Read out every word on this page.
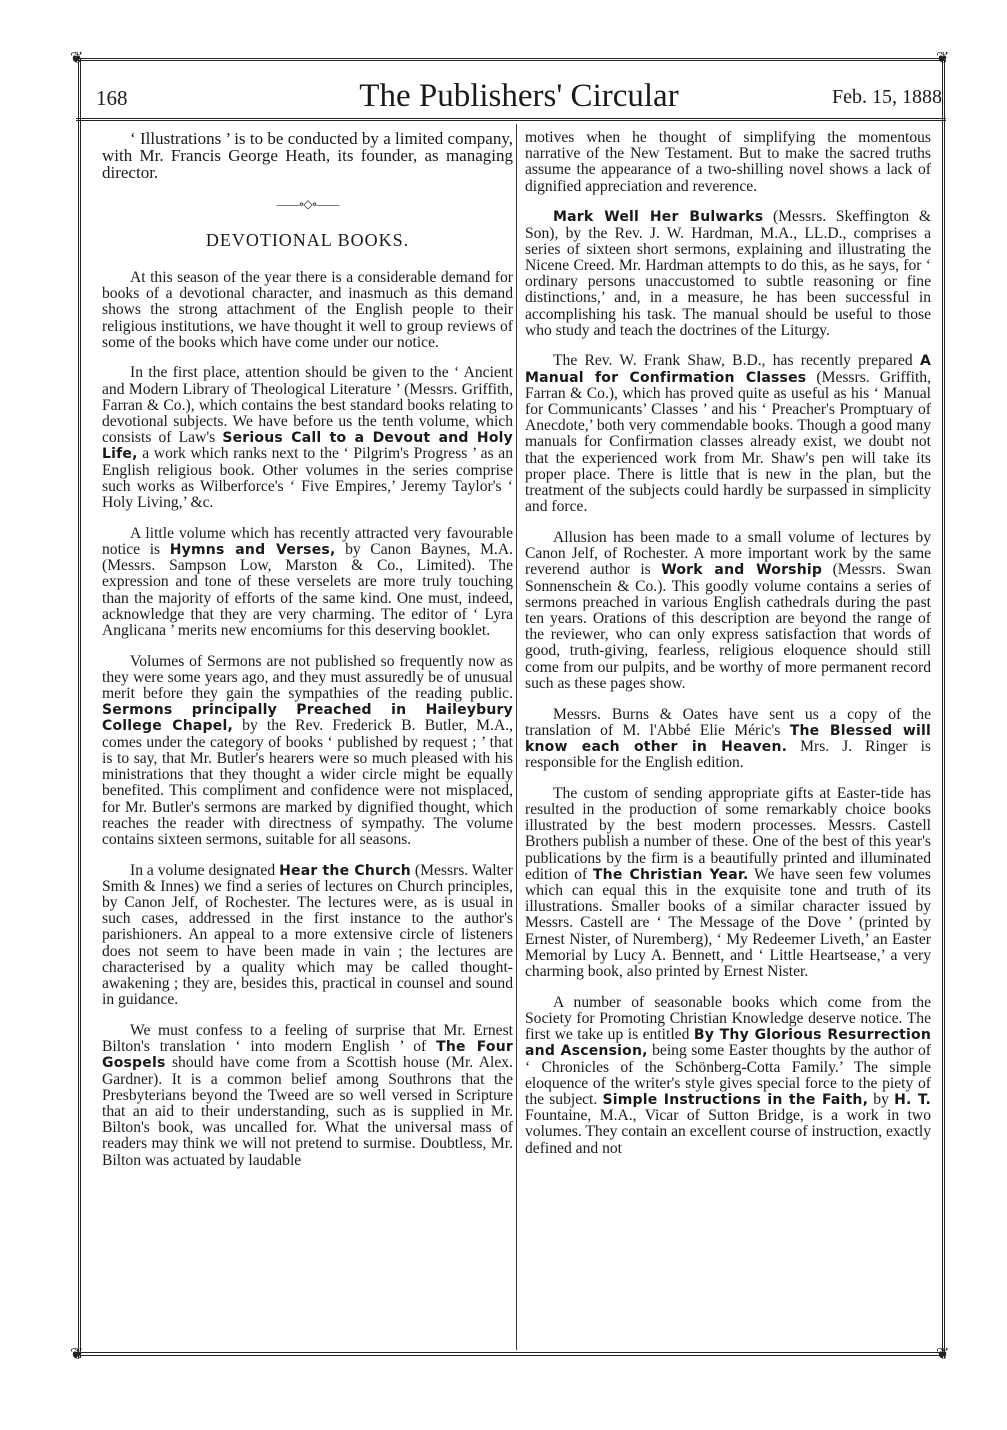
❦	❦
❦	❦
168	The Publishers' Circular	Feb. 15, 1888

‘ Illustrations ’ is to be conducted by a limited company, with Mr. Francis George Heath, its founder, as managing director.

——∘◇∘——
DEVOTIONAL BOOKS.

At this season of the year there is a considerable demand for books of a devotional character, and inasmuch as this demand shows the strong attachment of the English people to their religious institutions, we have thought it well to group reviews of some of the books which have come under our notice.

In the first place, attention should be given to the ‘ Ancient and Modern Library of Theological Literature ’ (Messrs. Griffith, Farran & Co.), which contains the best standard books relating to devotional subjects. We have before us the tenth volume, which consists of Law's Serious Call to a Devout and Holy Life, a work which ranks next to the ‘ Pilgrim's Progress ’ as an English religious book. Other volumes in the series comprise such works as Wilberforce's ‘ Five Empires,’ Jeremy Taylor's ‘ Holy Living,’ &c.

A little volume which has recently attracted very favourable notice is Hymns and Verses, by Canon Baynes, M.A. (Messrs. Sampson Low, Marston & Co., Limited). The expression and tone of these verselets are more truly touching than the majority of efforts of the same kind. One must, indeed, acknowledge that they are very charming. The editor of ‘ Lyra Anglicana ’ merits new encomiums for this deserving booklet.

Volumes of Sermons are not published so frequently now as they were some years ago, and they must assuredly be of unusual merit before they gain the sympathies of the reading public. Sermons principally Preached in Haileybury College Chapel, by the Rev. Frederick B. Butler, M.A., comes under the category of books ‘ published by request ; ’ that is to say, that Mr. Butler's hearers were so much pleased with his ministrations that they thought a wider circle might be equally benefited. This compliment and confidence were not misplaced, for Mr. Butler's sermons are marked by dignified thought, which reaches the reader with directness of sympathy. The volume contains sixteen sermons, suitable for all seasons.

In a volume designated Hear the Church (Messrs. Walter Smith & Innes) we find a series of lectures on Church principles, by Canon Jelf, of Rochester. The lectures were, as is usual in such cases, addressed in the first instance to the author's parishioners. An appeal to a more extensive circle of listeners does not seem to have been made in vain ; the lectures are characterised by a quality which may be called thought-awakening ; they are, besides this, practical in counsel and sound in guidance.

We must confess to a feeling of surprise that Mr. Ernest Bilton's translation ‘ into modern English ’ of The Four Gospels should have come from a Scottish house (Mr. Alex. Gardner). It is a common belief among Southrons that the Presbyterians beyond the Tweed are so well versed in Scripture that an aid to their understanding, such as is supplied in Mr. Bilton's book, was uncalled for. What the universal mass of readers may think we will not pretend to surmise. Doubtless, Mr. Bilton was actuated by laudable

motives when he thought of simplifying the momentous narrative of the New Testament. But to make the sacred truths assume the appearance of a two-shilling novel shows a lack of dignified appreciation and reverence.

Mark Well Her Bulwarks (Messrs. Skeffington & Son), by the Rev. J. W. Hardman, M.A., LL.D., comprises a series of sixteen short sermons, explaining and illustrating the Nicene Creed. Mr. Hardman attempts to do this, as he says, for ‘ ordinary persons unaccustomed to subtle reasoning or fine distinctions,’ and, in a measure, he has been successful in accomplishing his task. The manual should be useful to those who study and teach the doctrines of the Liturgy.

The Rev. W. Frank Shaw, B.D., has recently prepared A Manual for Confirmation Classes (Messrs. Griffith, Farran & Co.), which has proved quite as useful as his ‘ Manual for Communicants’ Classes ’ and his ‘ Preacher's Promptuary of Anecdote,’ both very commendable books. Though a good many manuals for Confirmation classes already exist, we doubt not that the experienced work from Mr. Shaw's pen will take its proper place. There is little that is new in the plan, but the treatment of the subjects could hardly be surpassed in simplicity and force.

Allusion has been made to a small volume of lectures by Canon Jelf, of Rochester. A more important work by the same reverend author is Work and Worship (Messrs. Swan Sonnenschein & Co.). This goodly volume contains a series of sermons preached in various English cathedrals during the past ten years. Orations of this description are beyond the range of the reviewer, who can only express satisfaction that words of good, truth-giving, fearless, religious eloquence should still come from our pulpits, and be worthy of more permanent record such as these pages show.

Messrs. Burns & Oates have sent us a copy of the translation of M. l'Abbé Elie Méric's The Blessed will know each other in Heaven. Mrs. J. Ringer is responsible for the English edition.

The custom of sending appropriate gifts at Easter-tide has resulted in the production of some remarkably choice books illustrated by the best modern processes. Messrs. Castell Brothers publish a number of these. One of the best of this year's publications by the firm is a beautifully printed and illuminated edition of The Christian Year. We have seen few volumes which can equal this in the exquisite tone and truth of its illustrations. Smaller books of a similar character issued by Messrs. Castell are ‘ The Message of the Dove ’ (printed by Ernest Nister, of Nuremberg), ‘ My Redeemer Liveth,’ an Easter Memorial by Lucy A. Bennett, and ‘ Little Heartsease,’ a very charming book, also printed by Ernest Nister.

A number of seasonable books which come from the Society for Promoting Christian Knowledge deserve notice. The first we take up is entitled By Thy Glorious Resurrection and Ascension, being some Easter thoughts by the author of ‘ Chronicles of the Schönberg-Cotta Family.’ The simple eloquence of the writer's style gives special force to the piety of the subject. Simple Instructions in the Faith, by H. T. Fountaine, M.A., Vicar of Sutton Bridge, is a work in two volumes. They contain an excellent course of instruction, exactly defined and not
